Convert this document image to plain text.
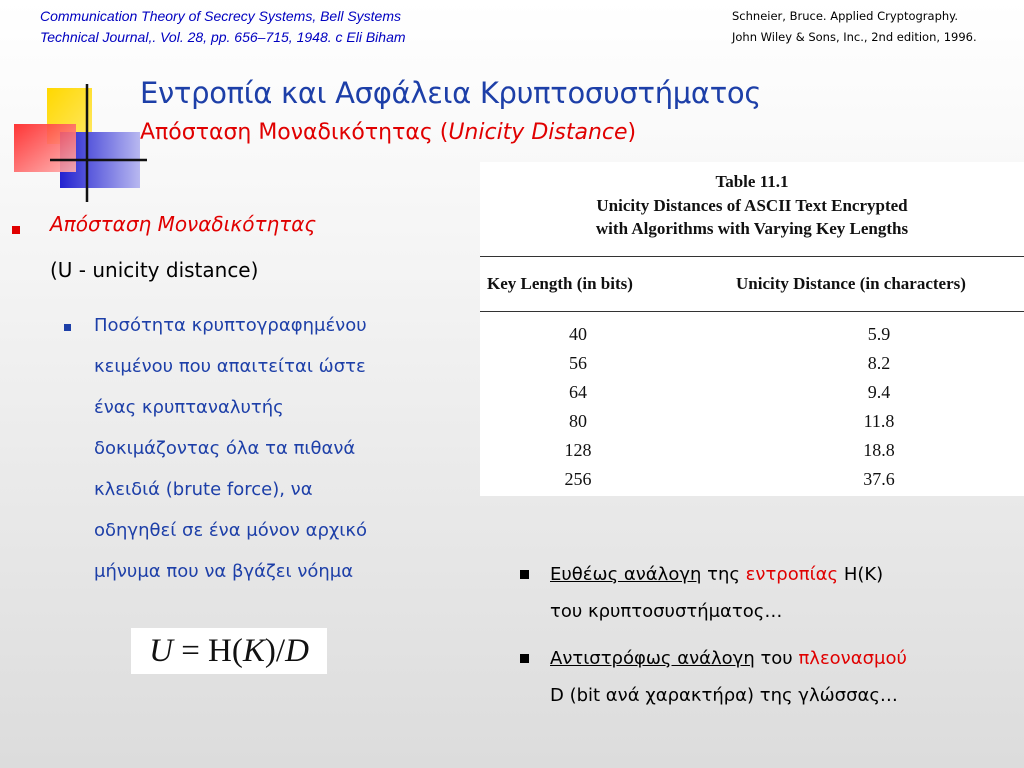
Communication Theory of Secrecy Systems, Bell Systems
Technical Journal,. Vol. 28, pp. 656–715, 1948. c Eli Biham
Schneier, Bruce. Applied Cryptography.
John Wiley & Sons, Inc., 2nd edition, 1996.
Εντροπία και Ασφάλεια Κρυπτοσυστήματος
Απόσταση Μοναδικότητας (Unicity Distance)
Table 11.1
Unicity Distances of ASCII Text Encrypted
with Algorithms with Varying Key Lengths
Key Length (in bits)	Unicity Distance (in characters)
40	5.9
56	8.2
64	9.4
80	11.8
128	18.8
256	37.6
Απόσταση Μοναδικότητας
(U - unicity distance)
Ποσότητα κρυπτογραφημένου
κειμένου που απαιτείται ώστε
ένας κρυπταναλυτής
δοκιμάζοντας όλα τα πιθανά
κλειδιά (brute force), να
οδηγηθεί σε ένα μόνον αρχικό
μήνυμα που να βγάζει νόημα
U = H(K)/D
Ευθέως ανάλογη της εντροπίας H(K)
του κρυπτοσυστήματος…
Αντιστρόφως ανάλογη του πλεονασμού
D (bit ανά χαρακτήρα) της γλώσσας…
